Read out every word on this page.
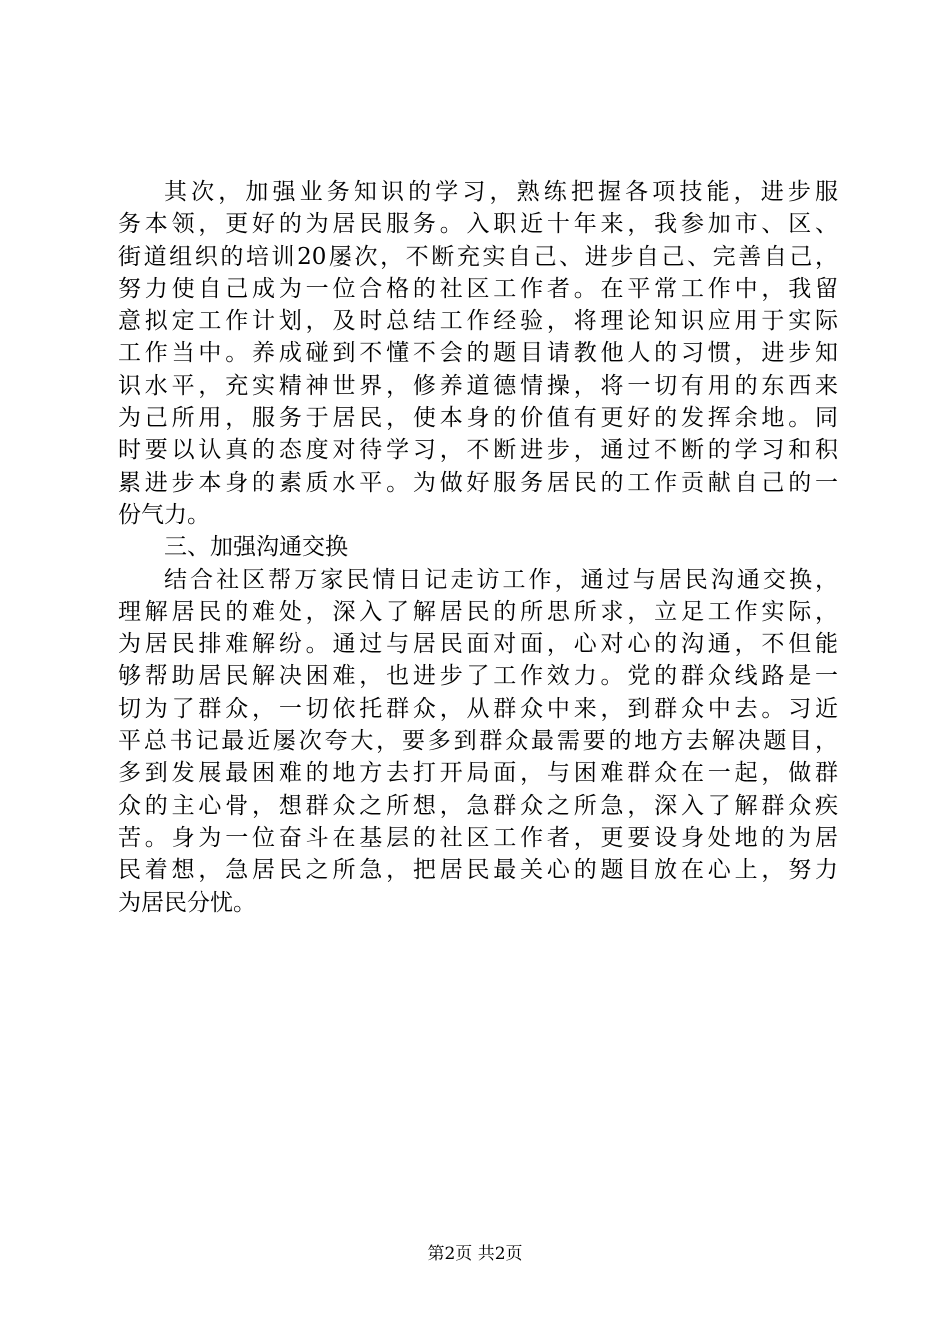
其次，加强业务知识的学习，熟练把握各项技能，进步服
务本领，更好的为居民服务。入职近十年来，我参加市、区、
街道组织的培训20屡次，不断充实自己、进步自己、完善自己，
努力使自己成为一位合格的社区工作者。在平常工作中，我留
意拟定工作计划，及时总结工作经验，将理论知识应用于实际
工作当中。养成碰到不懂不会的题目请教他人的习惯，进步知
识水平，充实精神世界，修养道德情操，将一切有用的东西来
为己所用，服务于居民，使本身的价值有更好的发挥余地。同
时要以认真的态度对待学习，不断进步，通过不断的学习和积
累进步本身的素质水平。为做好服务居民的工作贡献自己的一
份气力。
三、加强沟通交换
结合社区帮万家民情日记走访工作，通过与居民沟通交换，
理解居民的难处，深入了解居民的所思所求，立足工作实际，
为居民排难解纷。通过与居民面对面，心对心的沟通，不但能
够帮助居民解决困难，也进步了工作效力。党的群众线路是一
切为了群众，一切依托群众，从群众中来，到群众中去。习近
平总书记最近屡次夸大，要多到群众最需要的地方去解决题目，
多到发展最困难的地方去打开局面，与困难群众在一起，做群
众的主心骨，想群众之所想，急群众之所急，深入了解群众疾
苦。身为一位奋斗在基层的社区工作者，更要设身处地的为居
民着想，急居民之所急，把居民最关心的题目放在心上，努力
为居民分忧。
第2页 共2页
